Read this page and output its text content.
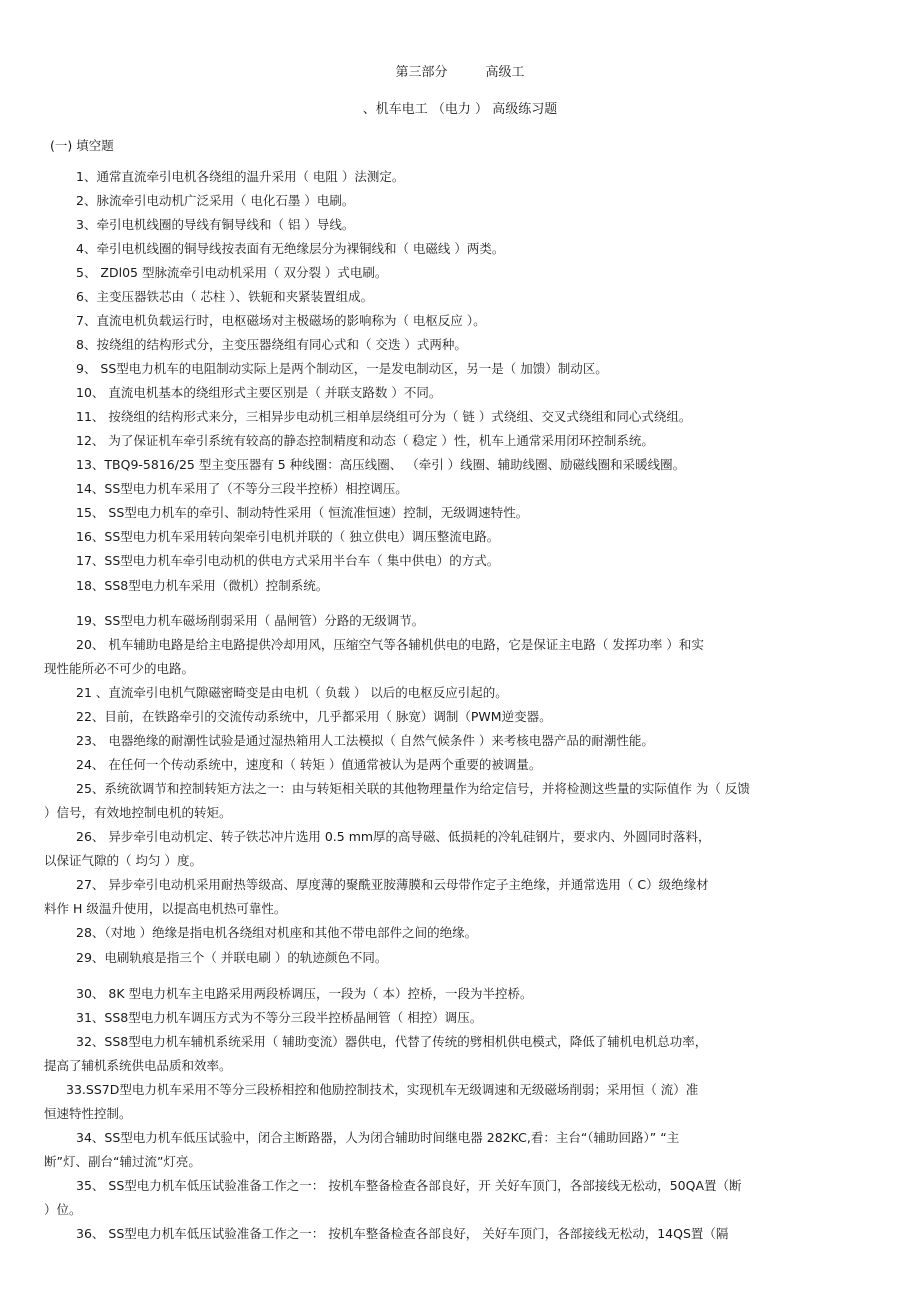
第三部分	高级工
、机车电工 （电力 ） 高级练习题
(一) 填空题
1、通常直流牵引电机各绕组的温升采用（ 电阻 ）法测定。
2、脉流牵引电动机广泛采用（ 电化石墨 ）电刷。
3、牵引电机线圈的导线有铜导线和（ 铝 ）导线。
4、牵引电机线圈的铜导线按表面有无绝缘层分为裸铜线和（ 电磁线 ）两类。
5、 ZDl05 型脉流牵引电动机采用（ 双分裂 ）式电刷。
6、主变压器铁芯由（ 芯柱 ）、铁轭和夹紧装置组成。
7、直流电机负载运行时，电枢磁场对主极磁场的影响称为（ 电枢反应 ）。
8、按绕组的结构形式分，主变压器绕组有同心式和（ 交迭 ）式两种。
9、 SS型电力机车的电阻制动实际上是两个制动区，一是发电制动区，另一是（ 加馈）制动区。
10、 直流电机基本的绕组形式主要区别是（ 并联支路数 ）不同。
11、 按绕组的结构形式来分，三相异步电动机三相单层绕组可分为（ 链 ）式绕组、交叉式绕组和同心式绕组。
12、 为了保证机车牵引系统有较高的静态控制精度和动态（ 稳定 ）性，机车上通常采用闭环控制系统。
13、TBQ9-5816/25 型主变压器有 5 种线圈：高压线圈、 （牵引 ）线圈、辅助线圈、励磁线圈和采暖线圈。
14、SS型电力机车采用了（不等分三段半控桥）相控调压。
15、 SS型电力机车的牵引、制动特性采用（ 恒流准恒速）控制，无级调速特性。
16、SS型电力机车采用转向架牵引电机并联的（ 独立供电）调压整流电路。
17、SS型电力机车牵引电动机的供电方式采用半台车（ 集中供电）的方式。
18、SS8型电力机车采用（微机）控制系统。
19、SS型电力机车磁场削弱采用（ 晶闸管）分路的无级调节。
20、 机车辅助电路是给主电路提供冷却用风，压缩空气等各辅机供电的电路，它是保证主电路（ 发挥功率 ）和实
现性能所必不可少的电路。
21 、直流牵引电机气隙磁密畸变是由电机（ 负载 ） 以后的电枢反应引起的。
22、目前，在铁路牵引的交流传动系统中，几乎都采用（ 脉宽）调制（PWM逆变器。
23、 电器绝缘的耐潮性试验是通过湿热箱用人工法模拟（ 自然气候条件 ）来考核电器产品的耐潮性能。
24、 在任何一个传动系统中，速度和（ 转矩 ）值通常被认为是两个重要的被调量。
25、系统欲调节和控制转矩方法之一：由与转矩相关联的其他物理量作为给定信号，并将检测这些量的实际值作 为（ 反馈
）信号，有效地控制电机的转矩。
26、 异步牵引电动机定、转子铁芯冲片选用 0.5 mm厚的高导磁、低损耗的冷轧硅钢片，要求内、外圆同时落料，
以保证气隙的（ 均匀 ）度。
27、 异步牵引电动机采用耐热等级高、厚度薄的聚酰亚胺薄膜和云母带作定子主绝缘，并通常选用（ C）级绝缘材
料作 H 级温升使用，以提高电机热可靠性。
28、（对地 ）绝缘是指电机各绕组对机座和其他不带电部件之间的绝缘。
29、电刷轨痕是指三个（ 并联电刷 ）的轨迹颜色不同。
30、 8K 型电力机车主电路采用两段桥调压，一段为（ 本）控桥，一段为半控桥。
31、SS8型电力机车调压方式为不等分三段半控桥晶闸管（ 相控）调压。
32、SS8型电力机车辅机系统采用（ 辅助变流）器供电，代替了传统的劈相机供电模式，降低了辅机电机总功率，
提高了辅机系统供电品质和效率。
33.SS7D型电力机车采用不等分三段桥相控和他励控制技术，实现机车无级调速和无级磁场削弱；采用恒（ 流）准
恒速特性控制。
34、SS型电力机车低压试验中，闭合主断路器，人为闭合辅助时间继电器 282KC,看：主台“（辅助回路）” “主
断”灯、副台“辅过流”灯亮。
35、 SS型电力机车低压试验准备工作之一： 按机车整备检查各部良好，开 关好车顶门，各部接线无松动，50QA置（断
）位。
36、 SS型电力机车低压试验准备工作之一： 按机车整备检查各部良好， 关好车顶门，各部接线无松动，14QS置（隔
